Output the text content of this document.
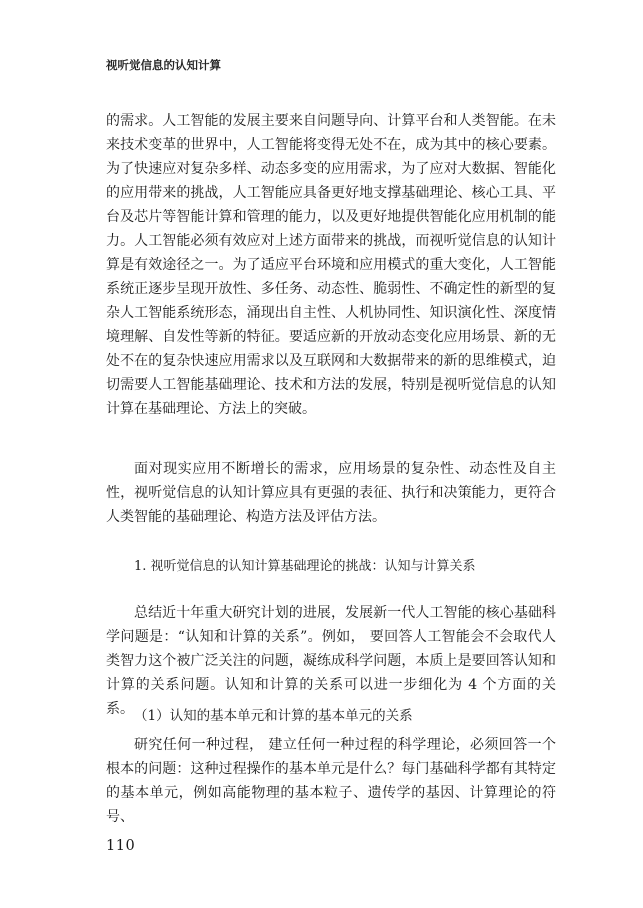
视听觉信息的认知计算

的需求。人工智能的发展主要来自问题导向、计算平台和人类智能。在未来技术变革的世界中，人工智能将变得无处不在，成为其中的核心要素。为了快速应对复杂多样、动态多变的应用需求，为了应对大数据、智能化的应用带来的挑战，人工智能应具备更好地支撑基础理论、核心工具、平台及芯片等智能计算和管理的能力，以及更好地提供智能化应用机制的能力。人工智能必须有效应对上述方面带来的挑战，而视听觉信息的认知计算是有效途径之一。为了适应平台环境和应用模式的重大变化，人工智能系统正逐步呈现开放性、多任务、动态性、脆弱性、不确定性的新型的复杂人工智能系统形态，涌现出自主性、人机协同性、知识演化性、深度情境理解、自发性等新的特征。要适应新的开放动态变化应用场景、新的无处不在的复杂快速应用需求以及互联网和大数据带来的新的思维模式，迫切需要人工智能基础理论、技术和方法的发展，特别是视听觉信息的认知计算在基础理论、方法上的突破。

面对现实应用不断增长的需求，应用场景的复杂性、动态性及自主性，视听觉信息的认知计算应具有更强的表征、执行和决策能力，更符合人类智能的基础理论、构造方法及评估方法。

1. 视听觉信息的认知计算基础理论的挑战：认知与计算关系

总结近十年重大研究计划的进展，发展新一代人工智能的核心基础科学问题是：“认知和计算的关系”。例如， 要回答人工智能会不会取代人类智力这个被广泛关注的问题，凝练成科学问题，本质上是要回答认知和计算的关系问题。认知和计算的关系可以进一步细化为 4 个方面的关系。 （1）认知的基本单元和计算的基本单元的关系

研究任何一种过程， 建立任何一种过程的科学理论，必须回答一个根本的问题：这种过程操作的基本单元是什么？每门基础科学都有其特定的基本单元，例如高能物理的基本粒子、遗传学的基因、计算理论的符号、

110
